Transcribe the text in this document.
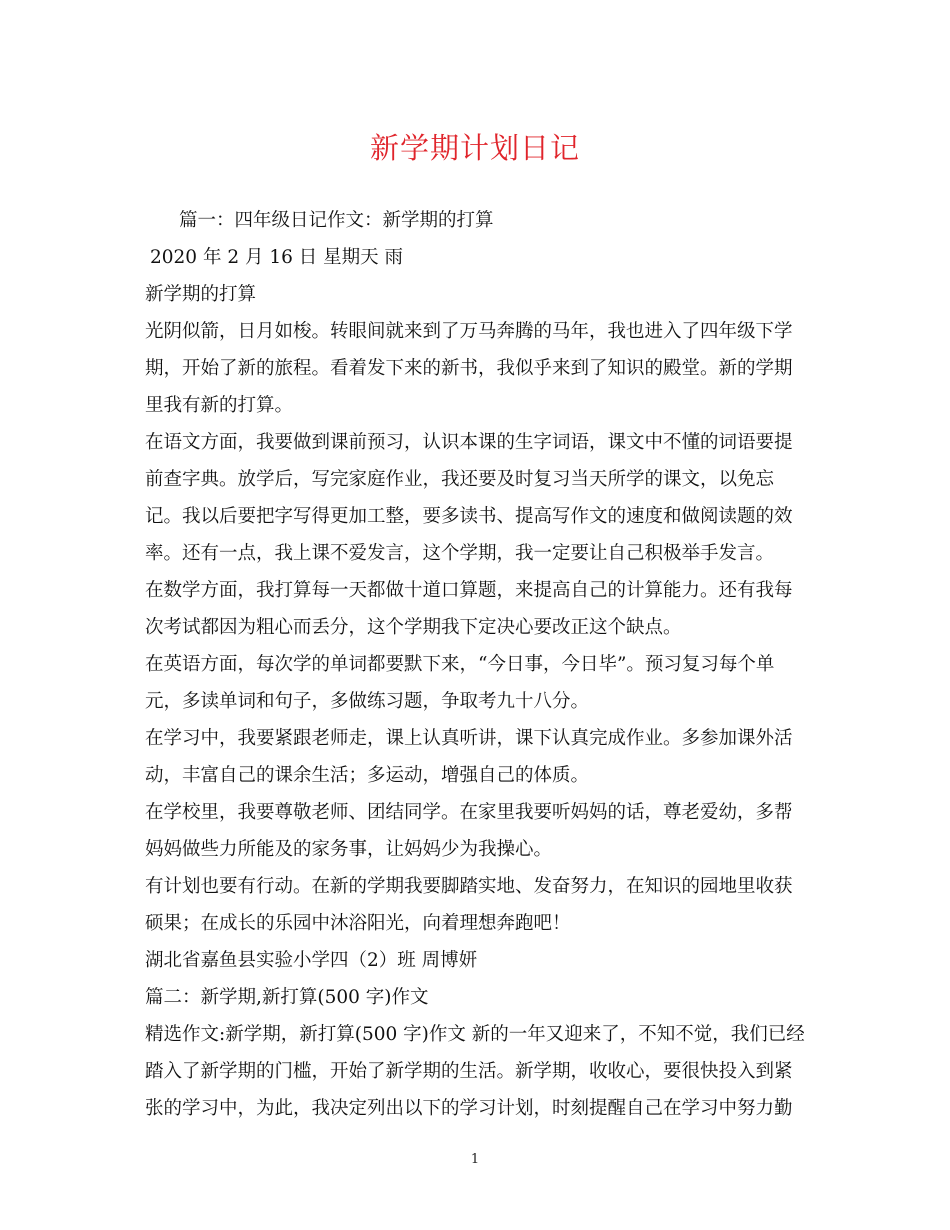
新学期计划日记
篇一：四年级日记作文：新学期的打算
2020 年 2 月 16 日 星期天 雨
新学期的打算
光阴似箭，日月如梭。转眼间就来到了万马奔腾的马年，我也进入了四年级下学
期，开始了新的旅程。看着发下来的新书，我似乎来到了知识的殿堂。新的学期
里我有新的打算。
在语文方面，我要做到课前预习，认识本课的生字词语，课文中不懂的词语要提
前查字典。放学后，写完家庭作业，我还要及时复习当天所学的课文，以免忘
记。我以后要把字写得更加工整，要多读书、提高写作文的速度和做阅读题的效
率。还有一点，我上课不爱发言，这个学期，我一定要让自己积极举手发言。
在数学方面，我打算每一天都做十道口算题，来提高自己的计算能力。还有我每
次考试都因为粗心而丢分，这个学期我下定决心要改正这个缺点。
在英语方面，每次学的单词都要默下来，“今日事，今日毕”。预习复习每个单
元，多读单词和句子，多做练习题，争取考九十八分。
在学习中，我要紧跟老师走，课上认真听讲，课下认真完成作业。多参加课外活
动，丰富自己的课余生活；多运动，增强自己的体质。
在学校里，我要尊敬老师、团结同学。在家里我要听妈妈的话，尊老爱幼，多帮
妈妈做些力所能及的家务事，让妈妈少为我操心。
有计划也要有行动。在新的学期我要脚踏实地、发奋努力，在知识的园地里收获
硕果；在成长的乐园中沐浴阳光，向着理想奔跑吧！
湖北省嘉鱼县实验小学四（2）班 周博妍
篇二：新学期,新打算(500 字)作文
精选作文:新学期，新打算(500 字)作文 新的一年又迎来了，不知不觉，我们已经
踏入了新学期的门槛，开始了新学期的生活。新学期，收收心，要很快投入到紧
张的学习中，为此，我决定列出以下的学习计划，时刻提醒自己在学习中努力勤
1
